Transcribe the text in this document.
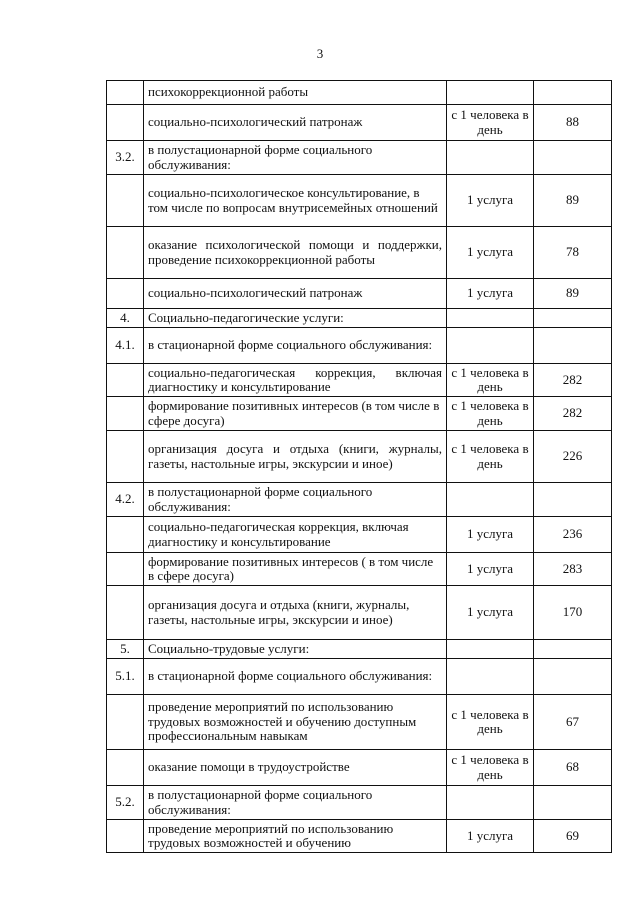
3
	психокоррекционной работы		
	социально-психологический патронаж	с 1 человека в день	88
3.2.	в полустационарной форме социального обслуживания:		
	социально-психологическое консультирование, в том числе по вопросам внутрисемейных отношений	1 услуга	89
	оказание психологической помощи и поддержки, проведение психокоррекционной работы	1 услуга	78
	социально-психологический патронаж	1 услуга	89
4.	Социально-педагогические услуги:		
4.1.	в стационарной форме социального обслуживания:		
	социально-педагогическая коррекция, включая диагностику и консультирование	с 1 человека в день	282
	формирование позитивных интересов (в том числе в сфере досуга)	с 1 человека в день	282
	организация досуга и отдыха (книги, журналы, газеты, настольные игры, экскурсии и иное)	с 1 человека в день	226
4.2.	в полустационарной форме социального обслуживания:		
	социально-педагогическая коррекция, включая диагностику и консультирование	1 услуга	236
	формирование позитивных интересов ( в том числе в сфере досуга)	1 услуга	283
	организация досуга и отдыха (книги, журналы, газеты, настольные игры, экскурсии и иное)	1 услуга	170
5.	Социально-трудовые услуги:		
5.1.	в стационарной форме социального обслуживания:		
	проведение мероприятий по использованию трудовых возможностей и обучению доступным профессиональным навыкам	с 1 человека в день	67
	оказание помощи в трудоустройстве	с 1 человека в день	68
5.2.	в полустационарной форме социального обслуживания:		
	проведение мероприятий по использованию трудовых возможностей и обучению	1 услуга	69
